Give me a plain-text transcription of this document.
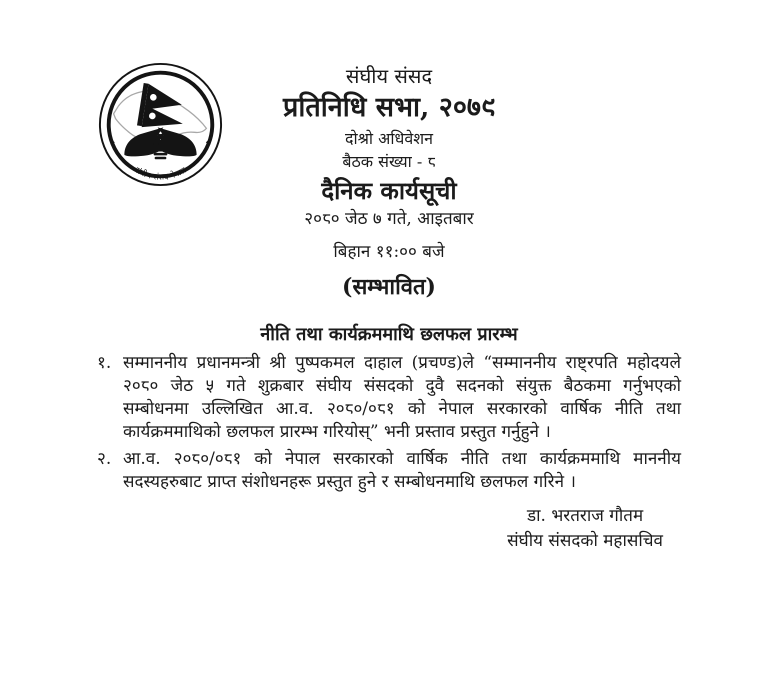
संघीय संसद नेपाल
संघीय संसद
प्रतिनिधि सभा, २०७९
दोश्रो अधिवेशन
बैठक संख्या - ८
दैनिक कार्यसूची
२०८० जेठ ७ गते, आइतबार
बिहान ११:०० बजे
(सम्भावित)
नीति तथा कार्यक्रममाथि छलफल प्रारम्भ
१. सम्माननीय प्रधानमन्त्री श्री पुष्पकमल दाहाल (प्रचण्ड)ले “सम्माननीय राष्ट्रपति महोदयले
२०८० जेठ ५ गते शुक्रबार संघीय संसदको दुवै सदनको संयुक्त बैठकमा गर्नुभएको
सम्बोधनमा उल्लिखित आ.व. २०८०/०८१ को नेपाल सरकारको वार्षिक नीति तथा
कार्यक्रममाथिको छलफल प्रारम्भ गरियोस्” भनी प्रस्ताव प्रस्तुत गर्नुहुने ।
२. आ.व. २०८०/०८१ को नेपाल सरकारको वार्षिक नीति तथा कार्यक्रममाथि माननीय
सदस्यहरुबाट प्राप्त संशोधनहरू प्रस्तुत हुने र सम्बोधनमाथि छलफल गरिने ।
डा. भरतराज गौतम
संघीय संसदको महासचिव
